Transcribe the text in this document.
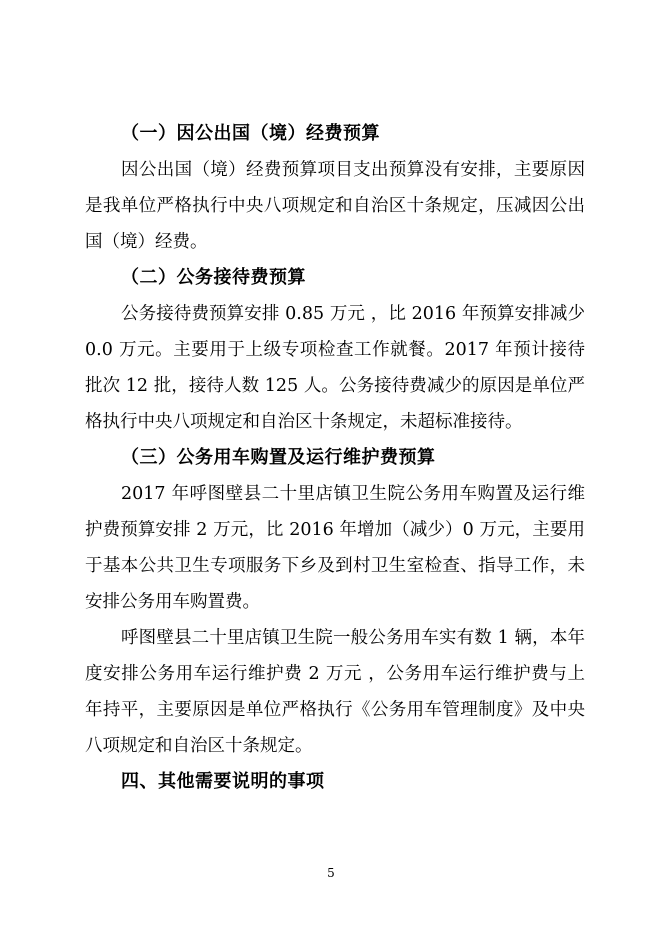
（一）因公出国（境）经费预算

因公出国（境）经费预算项目支出预算没有安排，主要原因是我单位严格执行中央八项规定和自治区十条规定，压减因公出国（境）经费。

（二）公务接待费预算

公务接待费预算安排 0.85 万元 ，比 2016 年预算安排减少 0.0 万元。主要用于上级专项检查工作就餐。2017 年预计接待批次 12 批，接待人数 125 人。公务接待费减少的原因是单位严格执行中央八项规定和自治区十条规定，未超标准接待。

（三）公务用车购置及运行维护费预算

2017 年呼图壁县二十里店镇卫生院公务用车购置及运行维护费预算安排 2 万元，比 2016 年增加（减少）0 万元，主要用于基本公共卫生专项服务下乡及到村卫生室检查、指导工作，未安排公务用车购置费。

呼图壁县二十里店镇卫生院一般公务用车实有数 1 辆，本年度安排公务用车运行维护费 2 万元 ，公务用车运行维护费与上年持平，主要原因是单位严格执行《公务用车管理制度》及中央八项规定和自治区十条规定。

四、其他需要说明的事项

5
